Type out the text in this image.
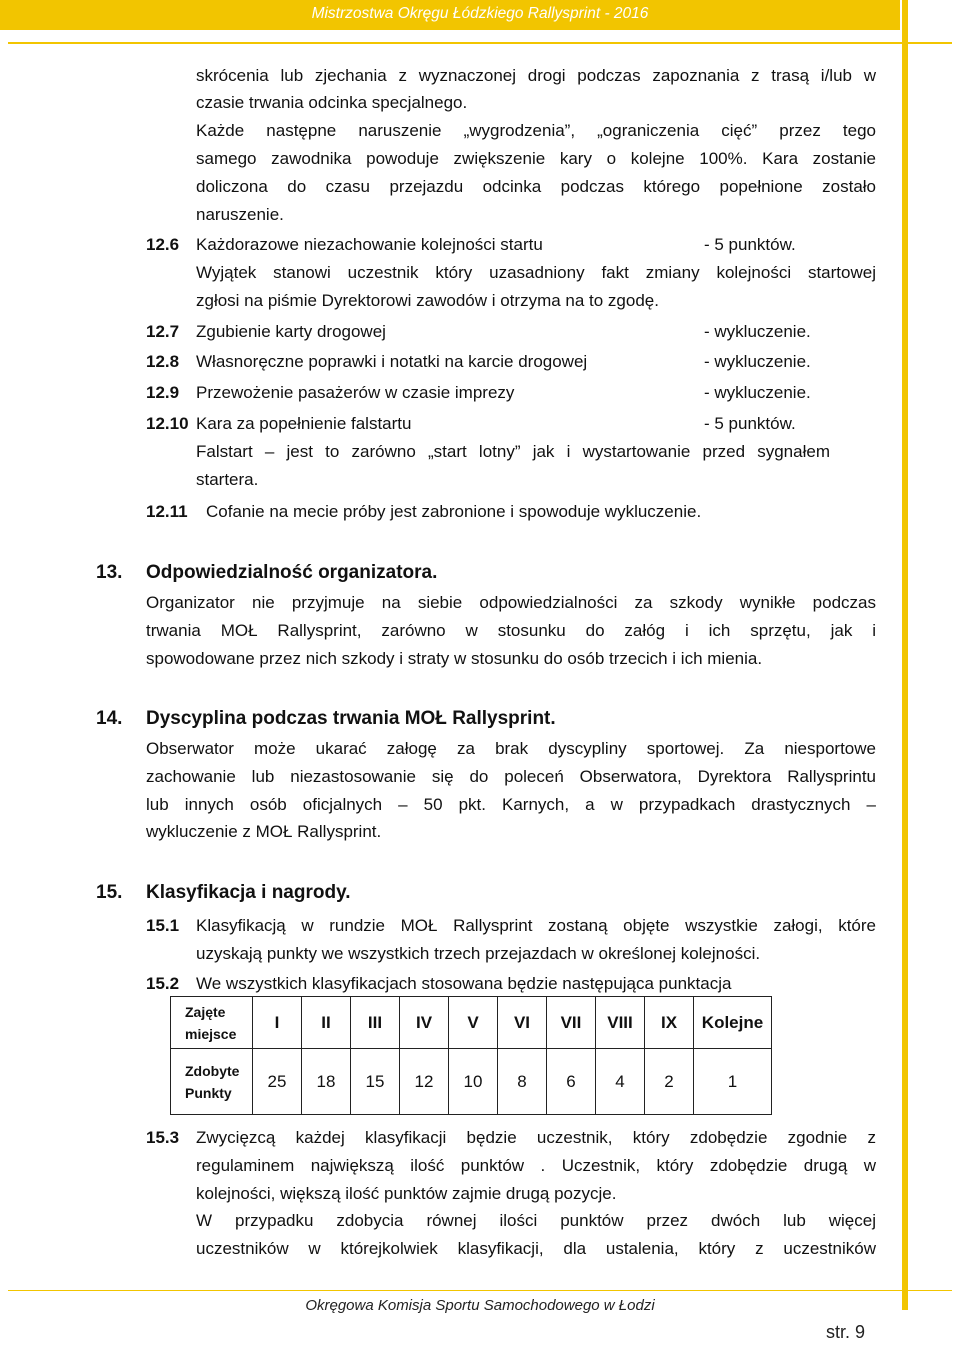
Mistrzostwa Okręgu Łódzkiego Rallysprint - 2016
skrócenia lub zjechania z wyznaczonej drogi podczas zapoznania z trasą i/lub w
czasie trwania odcinka specjalnego.
Każde następne naruszenie „wygrodzenia”, „ograniczenia cięć” przez tego
samego zawodnika powoduje zwiększenie kary o kolejne 100%. Kara zostanie
doliczona do czasu przejazdu odcinka podczas którego popełnione zostało
naruszenie.
12.6 Każdorazowe niezachowanie kolejności startu	- 5 punktów.
Wyjątek stanowi uczestnik który uzasadniony fakt zmiany kolejności startowej
zgłosi na piśmie Dyrektorowi zawodów i otrzyma na to zgodę.
12.7 Zgubienie karty drogowej	- wykluczenie.
12.8 Własnoręczne poprawki i notatki na karcie drogowej	- wykluczenie.
12.9 Przewożenie pasażerów w czasie imprezy	- wykluczenie.
12.10 Kara za popełnienie falstartu	- 5 punktów.
Falstart – jest to zarówno „start lotny” jak i wystartowanie przed sygnałem
startera.
12.11 Cofanie na mecie próby jest zabronione i spowoduje wykluczenie.
13. Odpowiedzialność organizatora.
Organizator nie przyjmuje na siebie odpowiedzialności za szkody wynikłe podczas
trwania MOŁ Rallysprint, zarówno w stosunku do załóg i ich sprzętu, jak i
spowodowane przez nich szkody i straty w stosunku do osób trzecich i ich mienia.
14. Dyscyplina podczas trwania MOŁ Rallysprint.
Obserwator może ukarać załogę za brak dyscypliny sportowej. Za niesportowe
zachowanie lub niezastosowanie się do poleceń Obserwatora, Dyrektora Rallysprintu
lub innych osób oficjalnych – 50 pkt. Karnych, a w przypadkach drastycznych –
wykluczenie z MOŁ Rallysprint.
15. Klasyfikacja i nagrody.
15.1 Klasyfikacją w rundzie MOŁ Rallysprint zostaną objęte wszystkie załogi, które
uzyskają punkty we wszystkich trzech przejazdach w określonej kolejności.
15.2 We wszystkich klasyfikacjach stosowana będzie następująca punktacja
Zajęte
miejsce	I	II	III	IV	V	VI	VII	VIII	IX	Kolejne

Zdobyte
Punkty	25	18	15	12	10	8	6	4	2	1
15.3 Zwycięzcą każdej klasyfikacji będzie uczestnik, który zdobędzie zgodnie z
regulaminem największą ilość punktów . Uczestnik, który zdobędzie drugą w
kolejności, większą ilość punktów zajmie drugą pozycje.
W przypadku zdobycia równej ilości punktów przez dwóch lub więcej
uczestników w którejkolwiek klasyfikacji, dla ustalenia, który z uczestników
Okręgowa Komisja Sportu Samochodowego w Łodzi
str. 9
